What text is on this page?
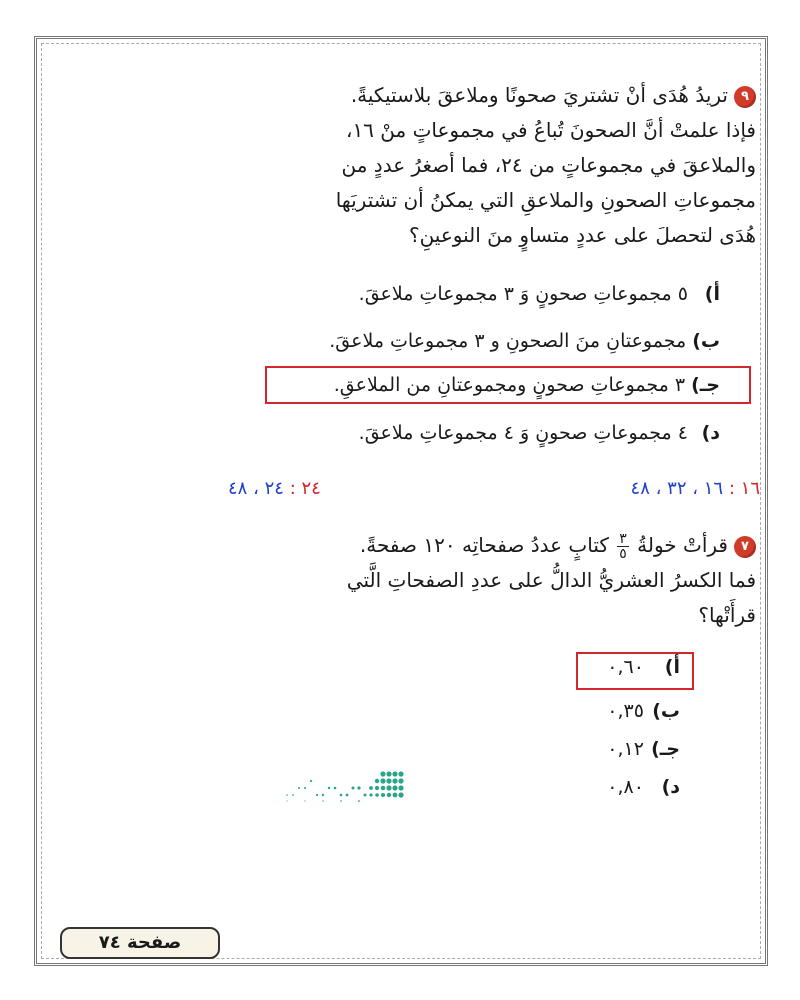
٩تريدُ هُدَى أنْ تشتريَ صحونًا وملاعقَ بلاستيكيةً.
فإذا علمتْ أنَّ الصحونَ تُباعُ في مجموعاتٍ منْ ١٦،
والملاعقَ في مجموعاتٍ من ٢٤، فما أصغرُ عددٍ من
مجموعاتِ الصحونِ والملاعقِ التي يمكنُ أن تشتريَها
هُدَى لتحصلَ على عددٍ متساوٍ منَ النوعينِ؟
أ) ٥ مجموعاتِ صحونٍ وَ ٣ مجموعاتِ ملاعقَ.
ب) مجموعتانِ منَ الصحونِ و ٣ مجموعاتِ ملاعقَ.
جـ) ٣ مجموعاتِ صحونٍ ومجموعتانِ من الملاعقِ.
د) ٤ مجموعاتِ صحونٍ وَ ٤ مجموعاتِ ملاعقَ.
١٦ : ١٦ ، ٣٢ ، ٤٨
٢٤ : ٢٤ ، ٤٨
٧قرأتْ خولةُ
$\frac{٣}{٥}$
كتابٍ عددُ صفحاتِه ١٢٠ صفحةً.
فما الكسرُ العشريُّ الدالُّ على عددِ الصفحاتِ الَّتي
قرأَتْها؟
أ) ٠,٦٠
ب) ٠,٣٥
جـ) ٠,١٢
د) ٠,٨٠
صفحة ٧٤
